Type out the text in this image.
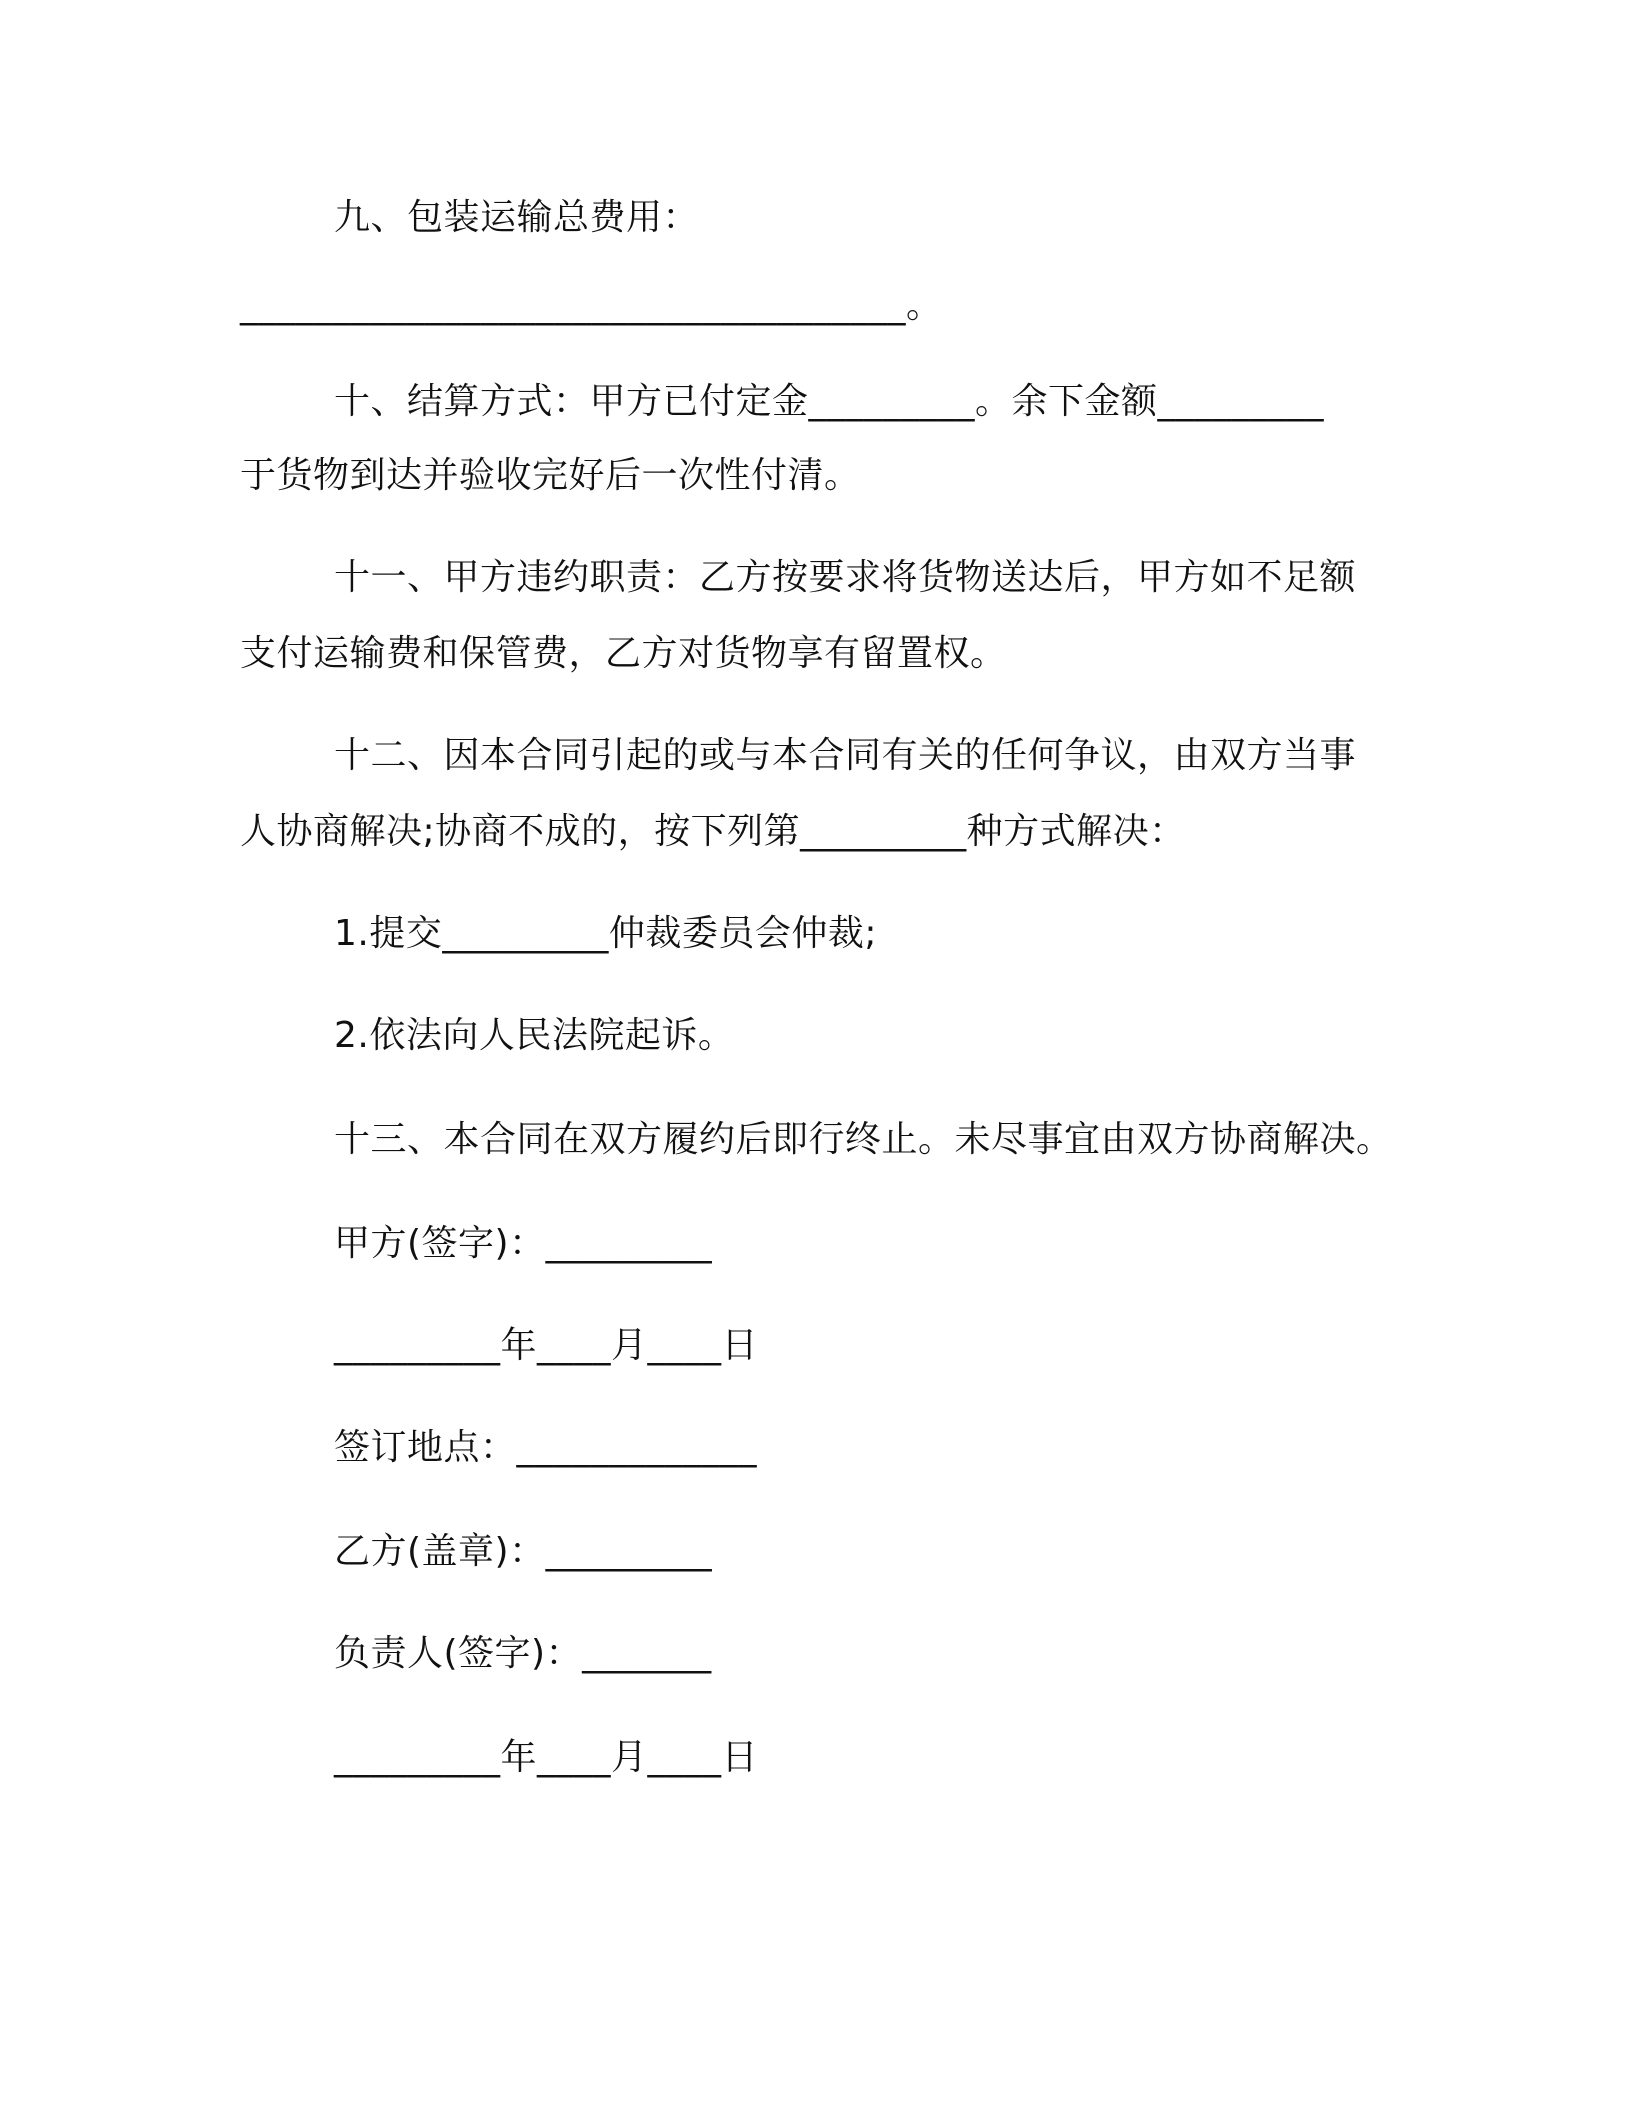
九、包装运输总费用：
____________________________________。
十、结算方式：甲方已付定金_________。余下金额_________
于货物到达并验收完好后一次性付清。
十一、甲方违约职责：乙方按要求将货物送达后，甲方如不足额
支付运输费和保管费，乙方对货物享有留置权。
十二、因本合同引起的或与本合同有关的任何争议，由双方当事
人协商解决;协商不成的，按下列第_________种方式解决：
1.提交_________仲裁委员会仲裁;
2.依法向人民法院起诉。
十三、本合同在双方履约后即行终止。未尽事宜由双方协商解决。
甲方(签字)：_________
_________年____月____日
签订地点：_____________
乙方(盖章)：_________
负责人(签字)：_______
_________年____月____日
